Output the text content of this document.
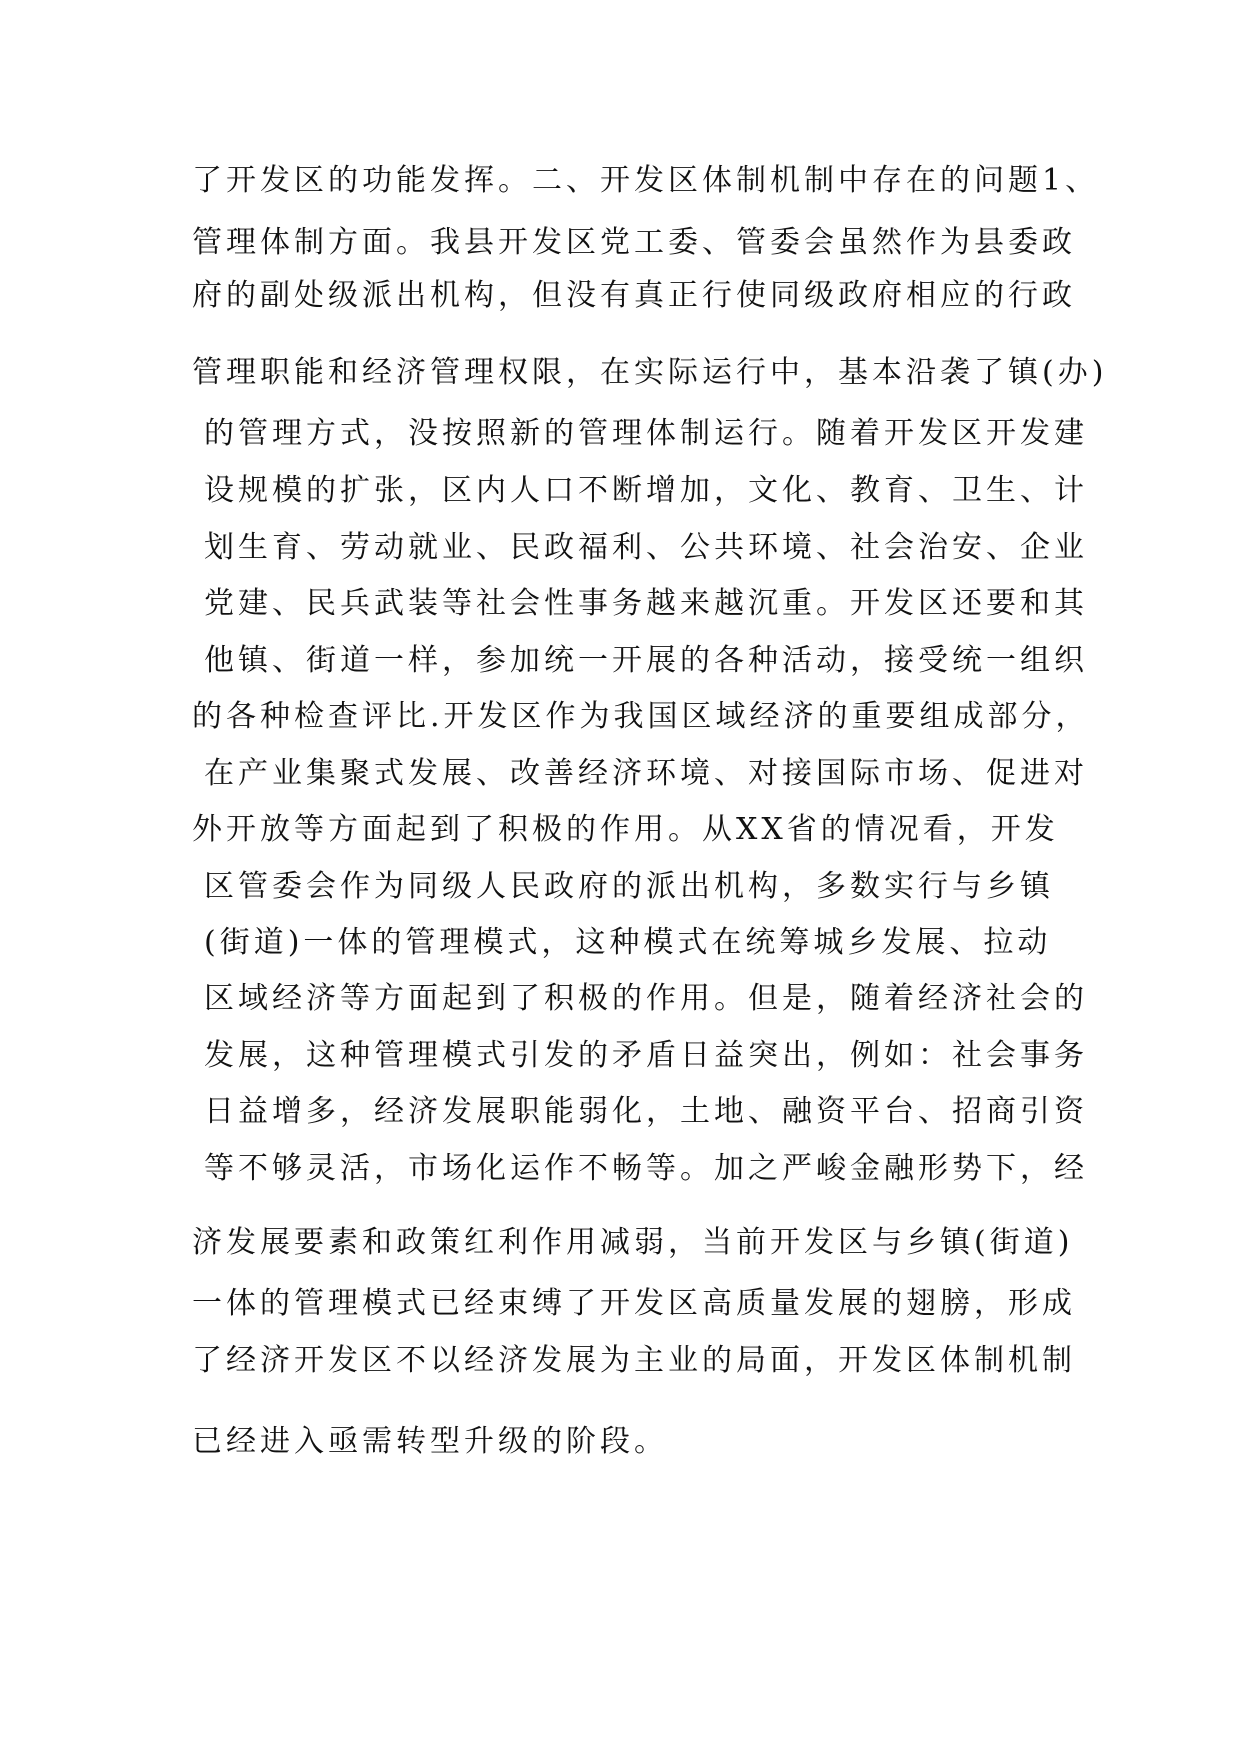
了开发区的功能发挥。二、开发区体制机制中存在的问题1、

管理体制方面。我县开发区党工委、管委会虽然作为县委政

府的副处级派出机构，但没有真正行使同级政府相应的行政

管理职能和经济管理权限，在实际运行中，基本沿袭了镇(办)

的管理方式，没按照新的管理体制运行。随着开发区开发建

设规模的扩张，区内人口不断增加，文化、教育、卫生、计

划生育、劳动就业、民政福利、公共环境、社会治安、企业

党建、民兵武装等社会性事务越来越沉重。开发区还要和其

他镇、街道一样，参加统一开展的各种活动，接受统一组织

的各种检查评比.开发区作为我国区域经济的重要组成部分，

在产业集聚式发展、改善经济环境、对接国际市场、促进对

外开放等方面起到了积极的作用。从XX省的情况看，开发

区管委会作为同级人民政府的派出机构，多数实行与乡镇

(街道)一体的管理模式，这种模式在统筹城乡发展、拉动

区域经济等方面起到了积极的作用。但是，随着经济社会的

发展，这种管理模式引发的矛盾日益突出，例如：社会事务

日益增多，经济发展职能弱化，土地、融资平台、招商引资

等不够灵活，市场化运作不畅等。加之严峻金融形势下，经

济发展要素和政策红利作用减弱，当前开发区与乡镇(街道)

一体的管理模式已经束缚了开发区高质量发展的翅膀，形成

了经济开发区不以经济发展为主业的局面，开发区体制机制

已经进入亟需转型升级的阶段。
